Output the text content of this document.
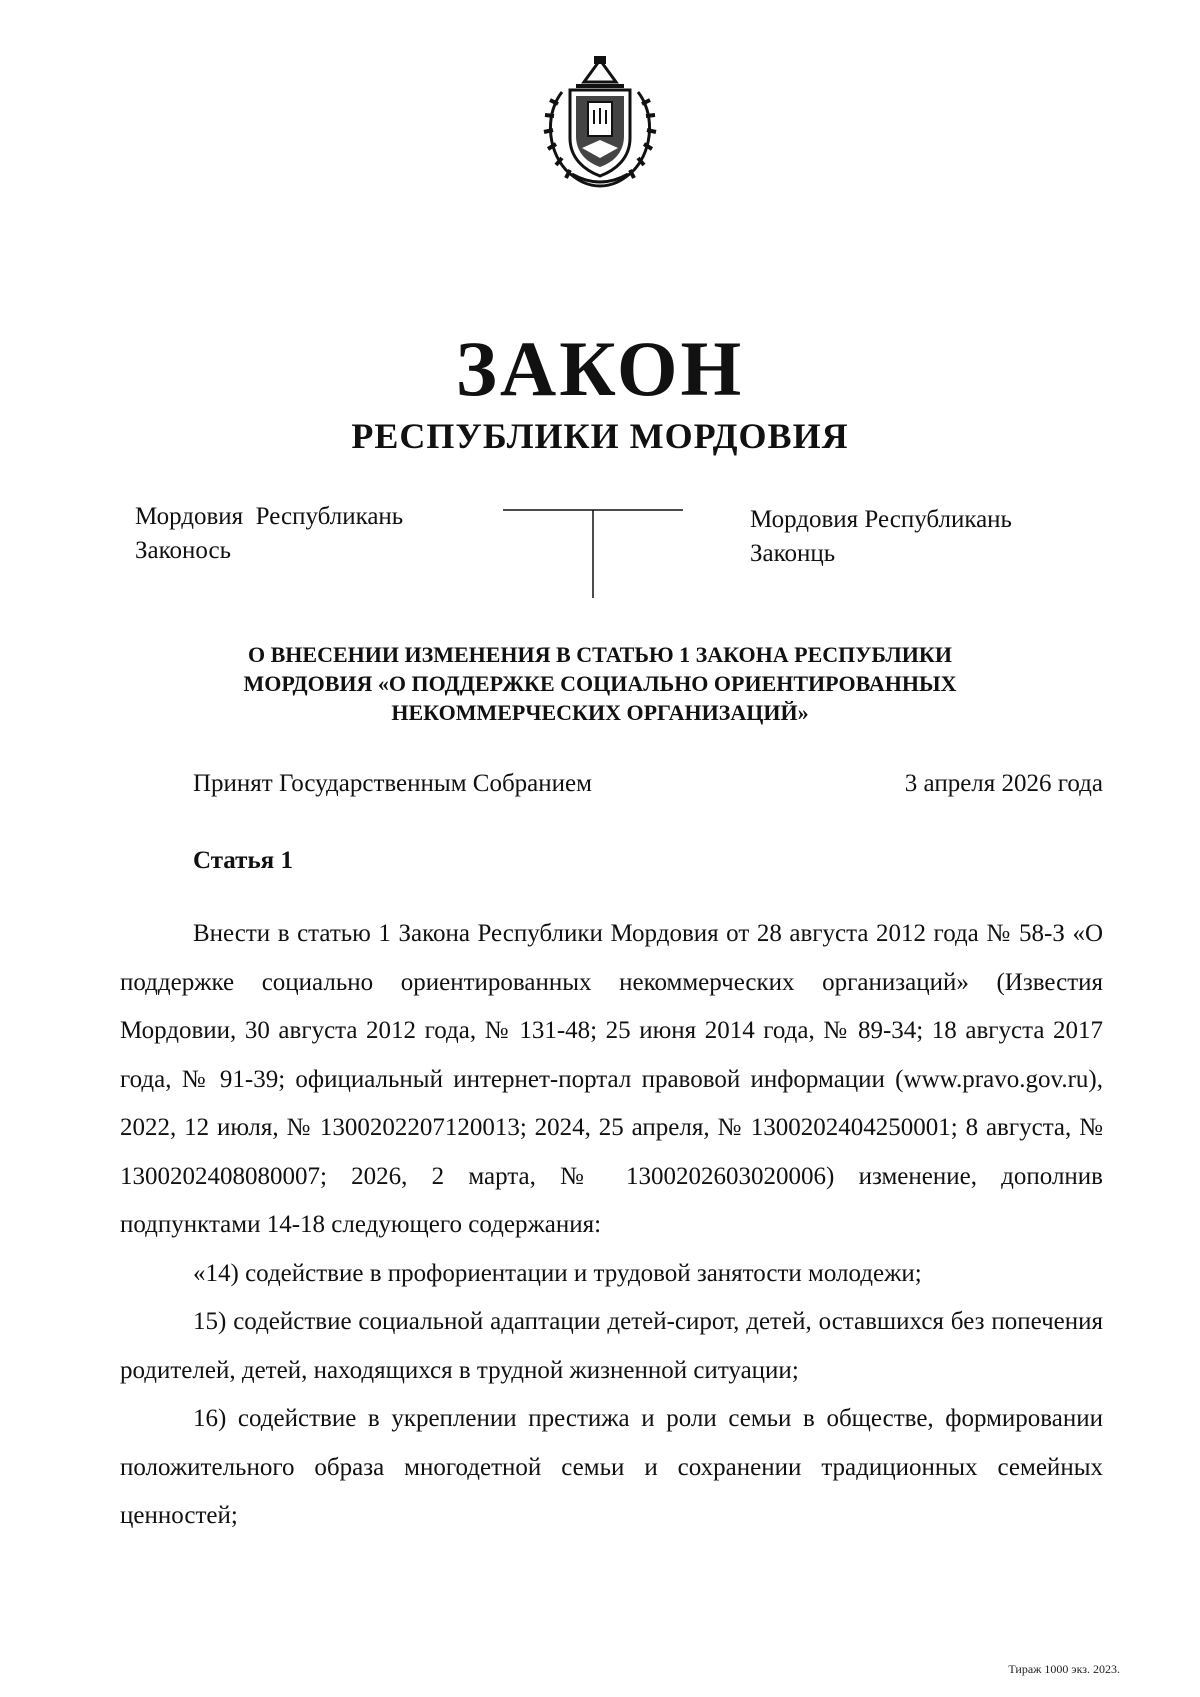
ЗАКОН
РЕСПУБЛИКИ МОРДОВИЯ
Мордовия  Республикань
Законось
Мордовия Республикань
Законць
О ВНЕСЕНИИ ИЗМЕНЕНИЯ В СТАТЬЮ 1 ЗАКОНА РЕСПУБЛИКИ
МОРДОВИЯ «О ПОДДЕРЖКЕ СОЦИАЛЬНО ОРИЕНТИРОВАННЫХ
НЕКОММЕРЧЕСКИХ ОРГАНИЗАЦИЙ»
Принят Государственным Собранием	3 апреля 2026 года
Статья 1

Внести в статью 1 Закона Республики Мордовия от 28 августа 2012 года № 58-З «О поддержке социально ориентированных некоммерческих организаций» (Известия Мордовии, 30 августа 2012 года, № 131-48; 25 июня 2014 года, № 89-34; 18 августа 2017 года, № 91-39; официальный интернет-портал правовой информации (www.pravo.gov.ru), 2022, 12 июля, № 1300202207120013; 2024, 25 апреля, № 1300202404250001; 8 августа, № 1300202408080007; 2026, 2 марта, № 1300202603020006) изменение, дополнив подпунктами 14-18 следующего содержания:

«14) содействие в профориентации и трудовой занятости молодежи;

15) содействие социальной адаптации детей-сирот, детей, оставшихся без попечения родителей, детей, находящихся в трудной жизненной ситуации;

16) содействие в укреплении престижа и роли семьи в обществе, формировании положительного образа многодетной семьи и сохранении традиционных семейных ценностей;

Тираж 1000 экз. 2023.
